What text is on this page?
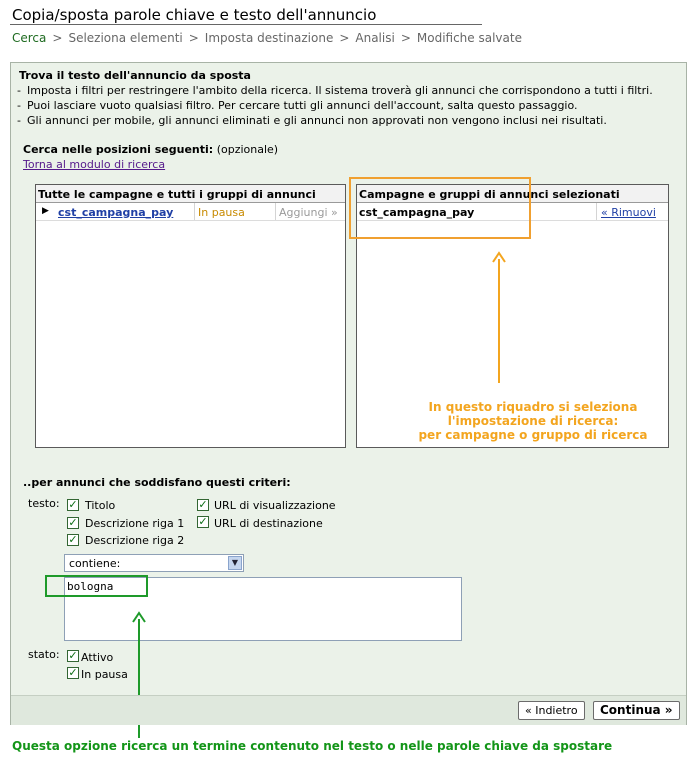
Copia/sposta parole chiave e testo dell'annuncio
Cerca > Seleziona elementi > Imposta destinazione > Analisi > Modifiche salvate
Trova il testo dell'annuncio da sposta
- Imposta i filtri per restringere l'ambito della ricerca. Il sistema troverà gli annunci che corrispondono a tutti i filtri.
- Puoi lasciare vuoto qualsiasi filtro. Per cercare tutti gli annunci dell'account, salta questo passaggio.
- Gli annunci per mobile, gli annunci eliminati e gli annunci non approvati non vengono inclusi nei risultati.
Cerca nelle posizioni seguenti: (opzionale)
Torna al modulo di ricerca
Tutte le campagne e tutti i gruppi di annunci
▶ cst_campagna_pay In pausa	Aggiungi »
Campagne e gruppi di annunci selezionati
cst_campagna_pay	« Rimuovi
In questo riquadro si seleziona
l'impostazione di ricerca:
per campagne o gruppo di ricerca
..per annunci che soddisfano questi criteri:
testo: ✓ Titolo
✓ Descrizione riga 1
✓ Descrizione riga 2
✓ URL di visualizzazione
✓ URL di destinazione
contiene:	▼
bologna
stato: ✓ Attivo
✓ In pausa
« Indietro	Continua »
Questa opzione ricerca un termine contenuto nel testo o nelle parole chiave da spostare
